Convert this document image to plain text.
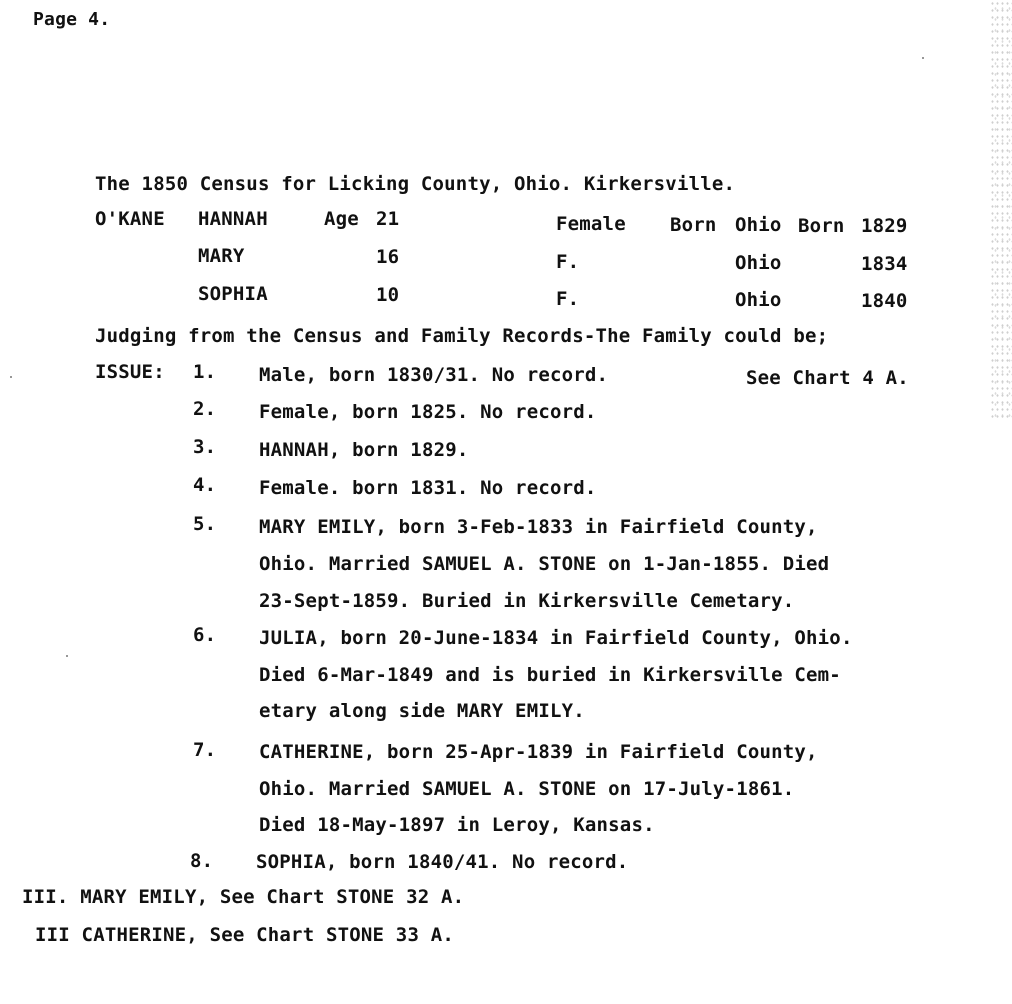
Page 4.
The 1850 Census for Licking County, Ohio. Kirkersville.
O'KANE HANNAH	Age 21	Female Born Ohio Born 1829
MARY	16	F.	Ohio	1834
SOPHIA	10	F.	Ohio	1840
Judging from the Census and Family Records-The Family could be;
ISSUE: 1. Male, born 1830/31. No record.	See Chart 4 A.
2. Female, born 1825. No record.
3. HANNAH, born 1829.
4. Female. born 1831. No record.
5. MARY EMILY, born 3-Feb-1833 in Fairfield County,
Ohio. Married SAMUEL A. STONE on 1-Jan-1855. Died
23-Sept-1859. Buried in Kirkersville Cemetary.
6. JULIA, born 20-June-1834 in Fairfield County, Ohio.
Died 6-Mar-1849 and is buried in Kirkersville Cem-
etary along side MARY EMILY.
7. CATHERINE, born 25-Apr-1839 in Fairfield County,
Ohio. Married SAMUEL A. STONE on 17-July-1861.
Died 18-May-1897 in Leroy, Kansas.
8. SOPHIA, born 1840/41. No record.
III. MARY EMILY, See Chart STONE 32 A.
III CATHERINE, See Chart STONE 33 A.
